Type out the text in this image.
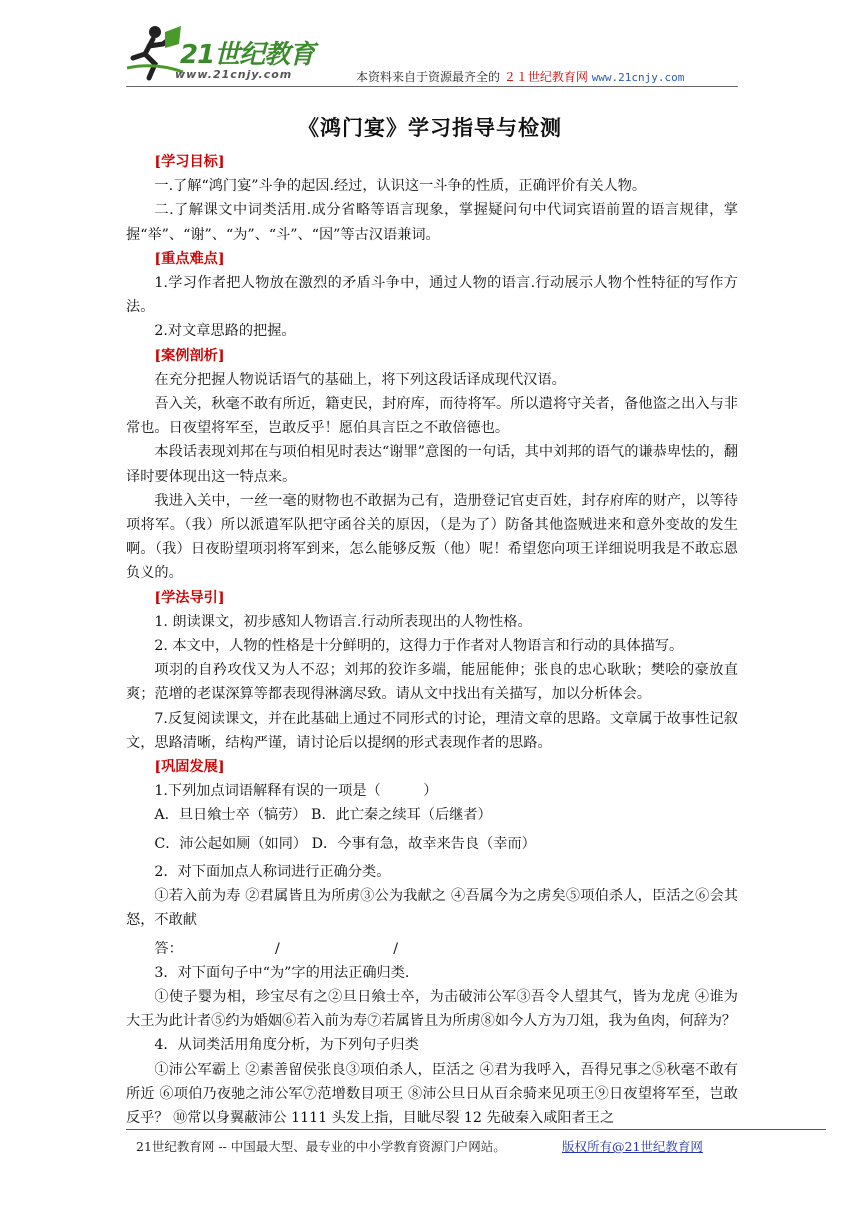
21世纪教育
www.21cnjy.com	本资料来自于资源最齐全的 ２１世纪教育网 www.21cnjy.com
《鸿门宴》学习指导与检测

[学习目标]

一.了解“鸿门宴”斗争的起因.经过，认识这一斗争的性质，正确评价有关人物。

二.了解课文中词类活用.成分省略等语言现象，掌握疑问句中代词宾语前置的语言规律，掌握“举”、“谢”、“为”、“斗”、“因”等古汉语兼词。

[重点难点]

1.学习作者把人物放在激烈的矛盾斗争中，通过人物的语言.行动展示人物个性特征的写作方法。

2.对文章思路的把握。

[案例剖析]

在充分把握人物说话语气的基础上，将下列这段话译成现代汉语。

吾入关，秋毫不敢有所近，籍吏民，封府库，而待将军。所以遣将守关者，备他盗之出入与非常也。日夜望将军至，岂敢反乎！愿伯具言臣之不敢倍德也。

本段话表现刘邦在与项伯相见时表达“谢罪”意图的一句话，其中刘邦的语气的谦恭卑怯的，翻译时要体现出这一特点来。

我进入关中，一丝一毫的财物也不敢据为己有，造册登记官吏百姓，封存府库的财产，以等待项将军。（我）所以派遣军队把守函谷关的原因，（是为了）防备其他盗贼进来和意外变故的发生啊。（我）日夜盼望项羽将军到来，怎么能够反叛（他）呢！希望您向项王详细说明我是不敢忘恩负义的。

[学法导引]

1. 朗读课文，初步感知人物语言.行动所表现出的人物性格。

2. 本文中，人物的性格是十分鲜明的，这得力于作者对人物语言和行动的具体描写。

项羽的自矜攻伐又为人不忍；刘邦的狡诈多端，能屈能伸；张良的忠心耿耿；樊哙的豪放直爽；范增的老谋深算等都表现得淋漓尽致。请从文中找出有关描写，加以分析体会。

7.反复阅读课文，并在此基础上通过不同形式的讨论，理清文章的思路。文章属于故事性记叙文，思路清晰，结构严谨，请讨论后以提纲的形式表现作者的思路。

[巩固发展]

1.下列加点词语解释有误的一项是（　　　）

A．旦日飨士卒（犒劳） B．此亡秦之续耳（后继者）

C．沛公起如厕（如同） D．今事有急，故幸来告良（幸而）

2．对下面加点人称词进行正确分类。

①若入前为寿 ②君属皆且为所虏③公为我献之 ④吾属今为之虏矣⑤项伯杀人，臣活之⑥会其怒，不敢献

答：　　　　　　　/　　　　　　　　/

3．对下面句子中“为”字的用法正确归类.

①使子婴为相，珍宝尽有之②旦日飨士卒，为击破沛公军③吾令人望其气，皆为龙虎 ④谁为大王为此计者⑤约为婚姻⑥若入前为寿⑦若属皆且为所虏⑧如今人方为刀俎，我为鱼肉，何辞为？

4．从词类活用角度分析，为下列句子归类

①沛公军霸上 ②素善留侯张良③项伯杀人，臣活之 ④君为我呼入，吾得兄事之⑤秋毫不敢有所近 ⑥项伯乃夜驰之沛公军⑦范增数目项王 ⑧沛公旦日从百余骑来见项王⑨日夜望将军至，岂敢反乎？ ⑩常以身翼蔽沛公 1111 头发上指，目眦尽裂 12 先破秦入咸阳者王之

21世纪教育网 -- 中国最大型、最专业的中小学教育资源门户网站。	版权所有@21世纪教育网
